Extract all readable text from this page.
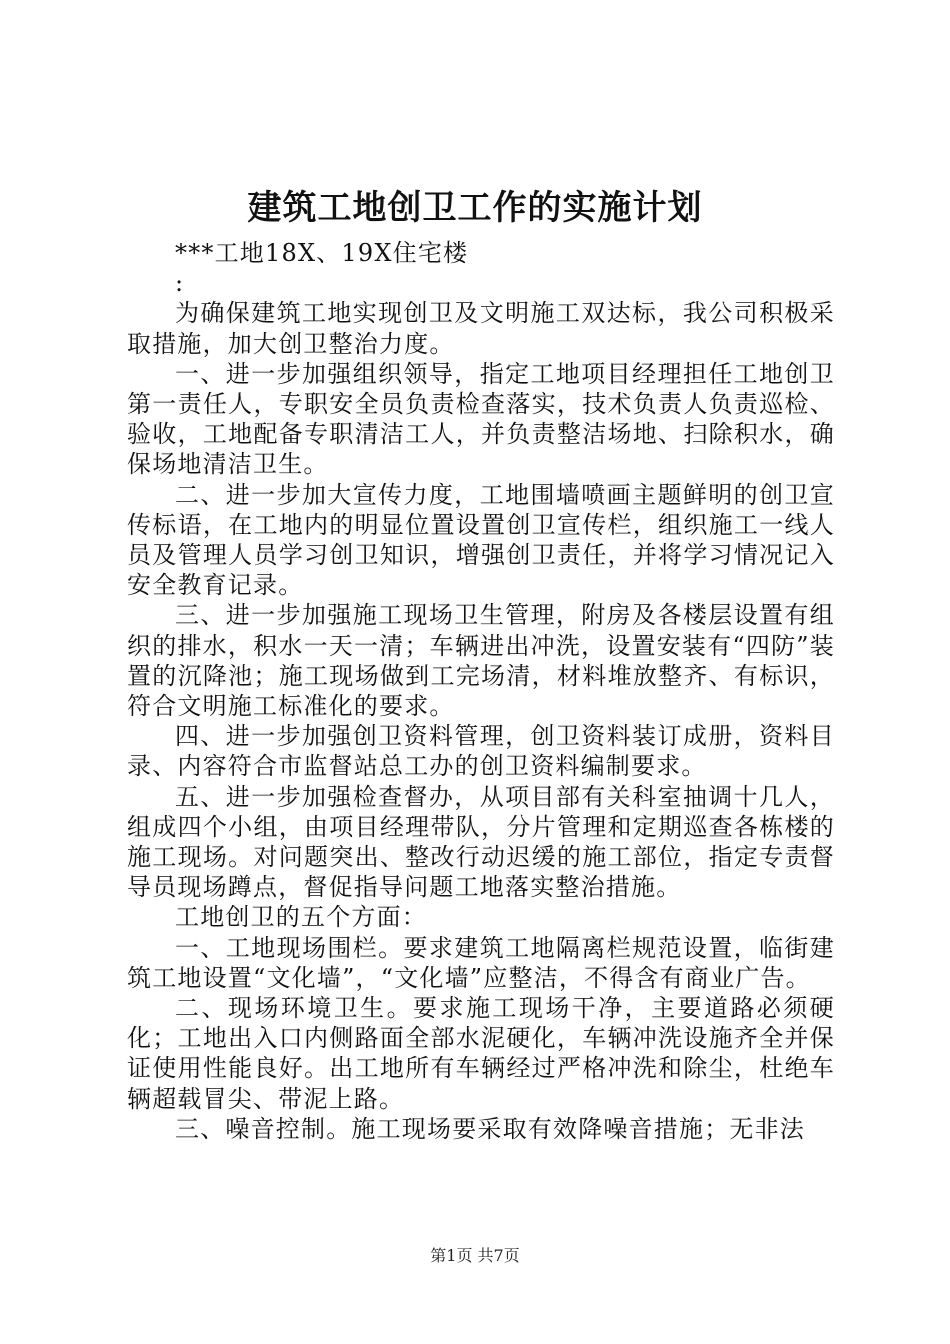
建筑工地创卫工作的实施计划

***工地18X、19X住宅楼

:

为确保建筑工地实现创卫及文明施工双达标，我公司积极采取措施，加大创卫整治力度。

一、进一步加强组织领导，指定工地项目经理担任工地创卫第一责任人，专职安全员负责检查落实，技术负责人负责巡检、验收，工地配备专职清洁工人，并负责整洁场地、扫除积水，确保场地清洁卫生。

二、进一步加大宣传力度，工地围墙喷画主题鲜明的创卫宣传标语，在工地内的明显位置设置创卫宣传栏，组织施工一线人员及管理人员学习创卫知识，增强创卫责任，并将学习情况记入安全教育记录。

三、进一步加强施工现场卫生管理，附房及各楼层设置有组织的排水，积水一天一清；车辆进出冲洗，设置安装有“四防”装置的沉降池；施工现场做到工完场清，材料堆放整齐、有标识，符合文明施工标准化的要求。

四、进一步加强创卫资料管理，创卫资料装订成册，资料目录、内容符合市监督站总工办的创卫资料编制要求。

五、进一步加强检查督办，从项目部有关科室抽调十几人，组成四个小组，由项目经理带队，分片管理和定期巡查各栋楼的施工现场。对问题突出、整改行动迟缓的施工部位，指定专责督导员现场蹲点，督促指导问题工地落实整治措施。

工地创卫的五个方面：

一、工地现场围栏。要求建筑工地隔离栏规范设置，临街建筑工地设置“文化墙”，“文化墙”应整洁，不得含有商业广告。

二、现场环境卫生。要求施工现场干净，主要道路必须硬化；工地出入口内侧路面全部水泥硬化，车辆冲洗设施齐全并保证使用性能良好。出工地所有车辆经过严格冲洗和除尘，杜绝车辆超载冒尖、带泥上路。

三、噪音控制。施工现场要采取有效降噪音措施；无非法

第1页 共7页
